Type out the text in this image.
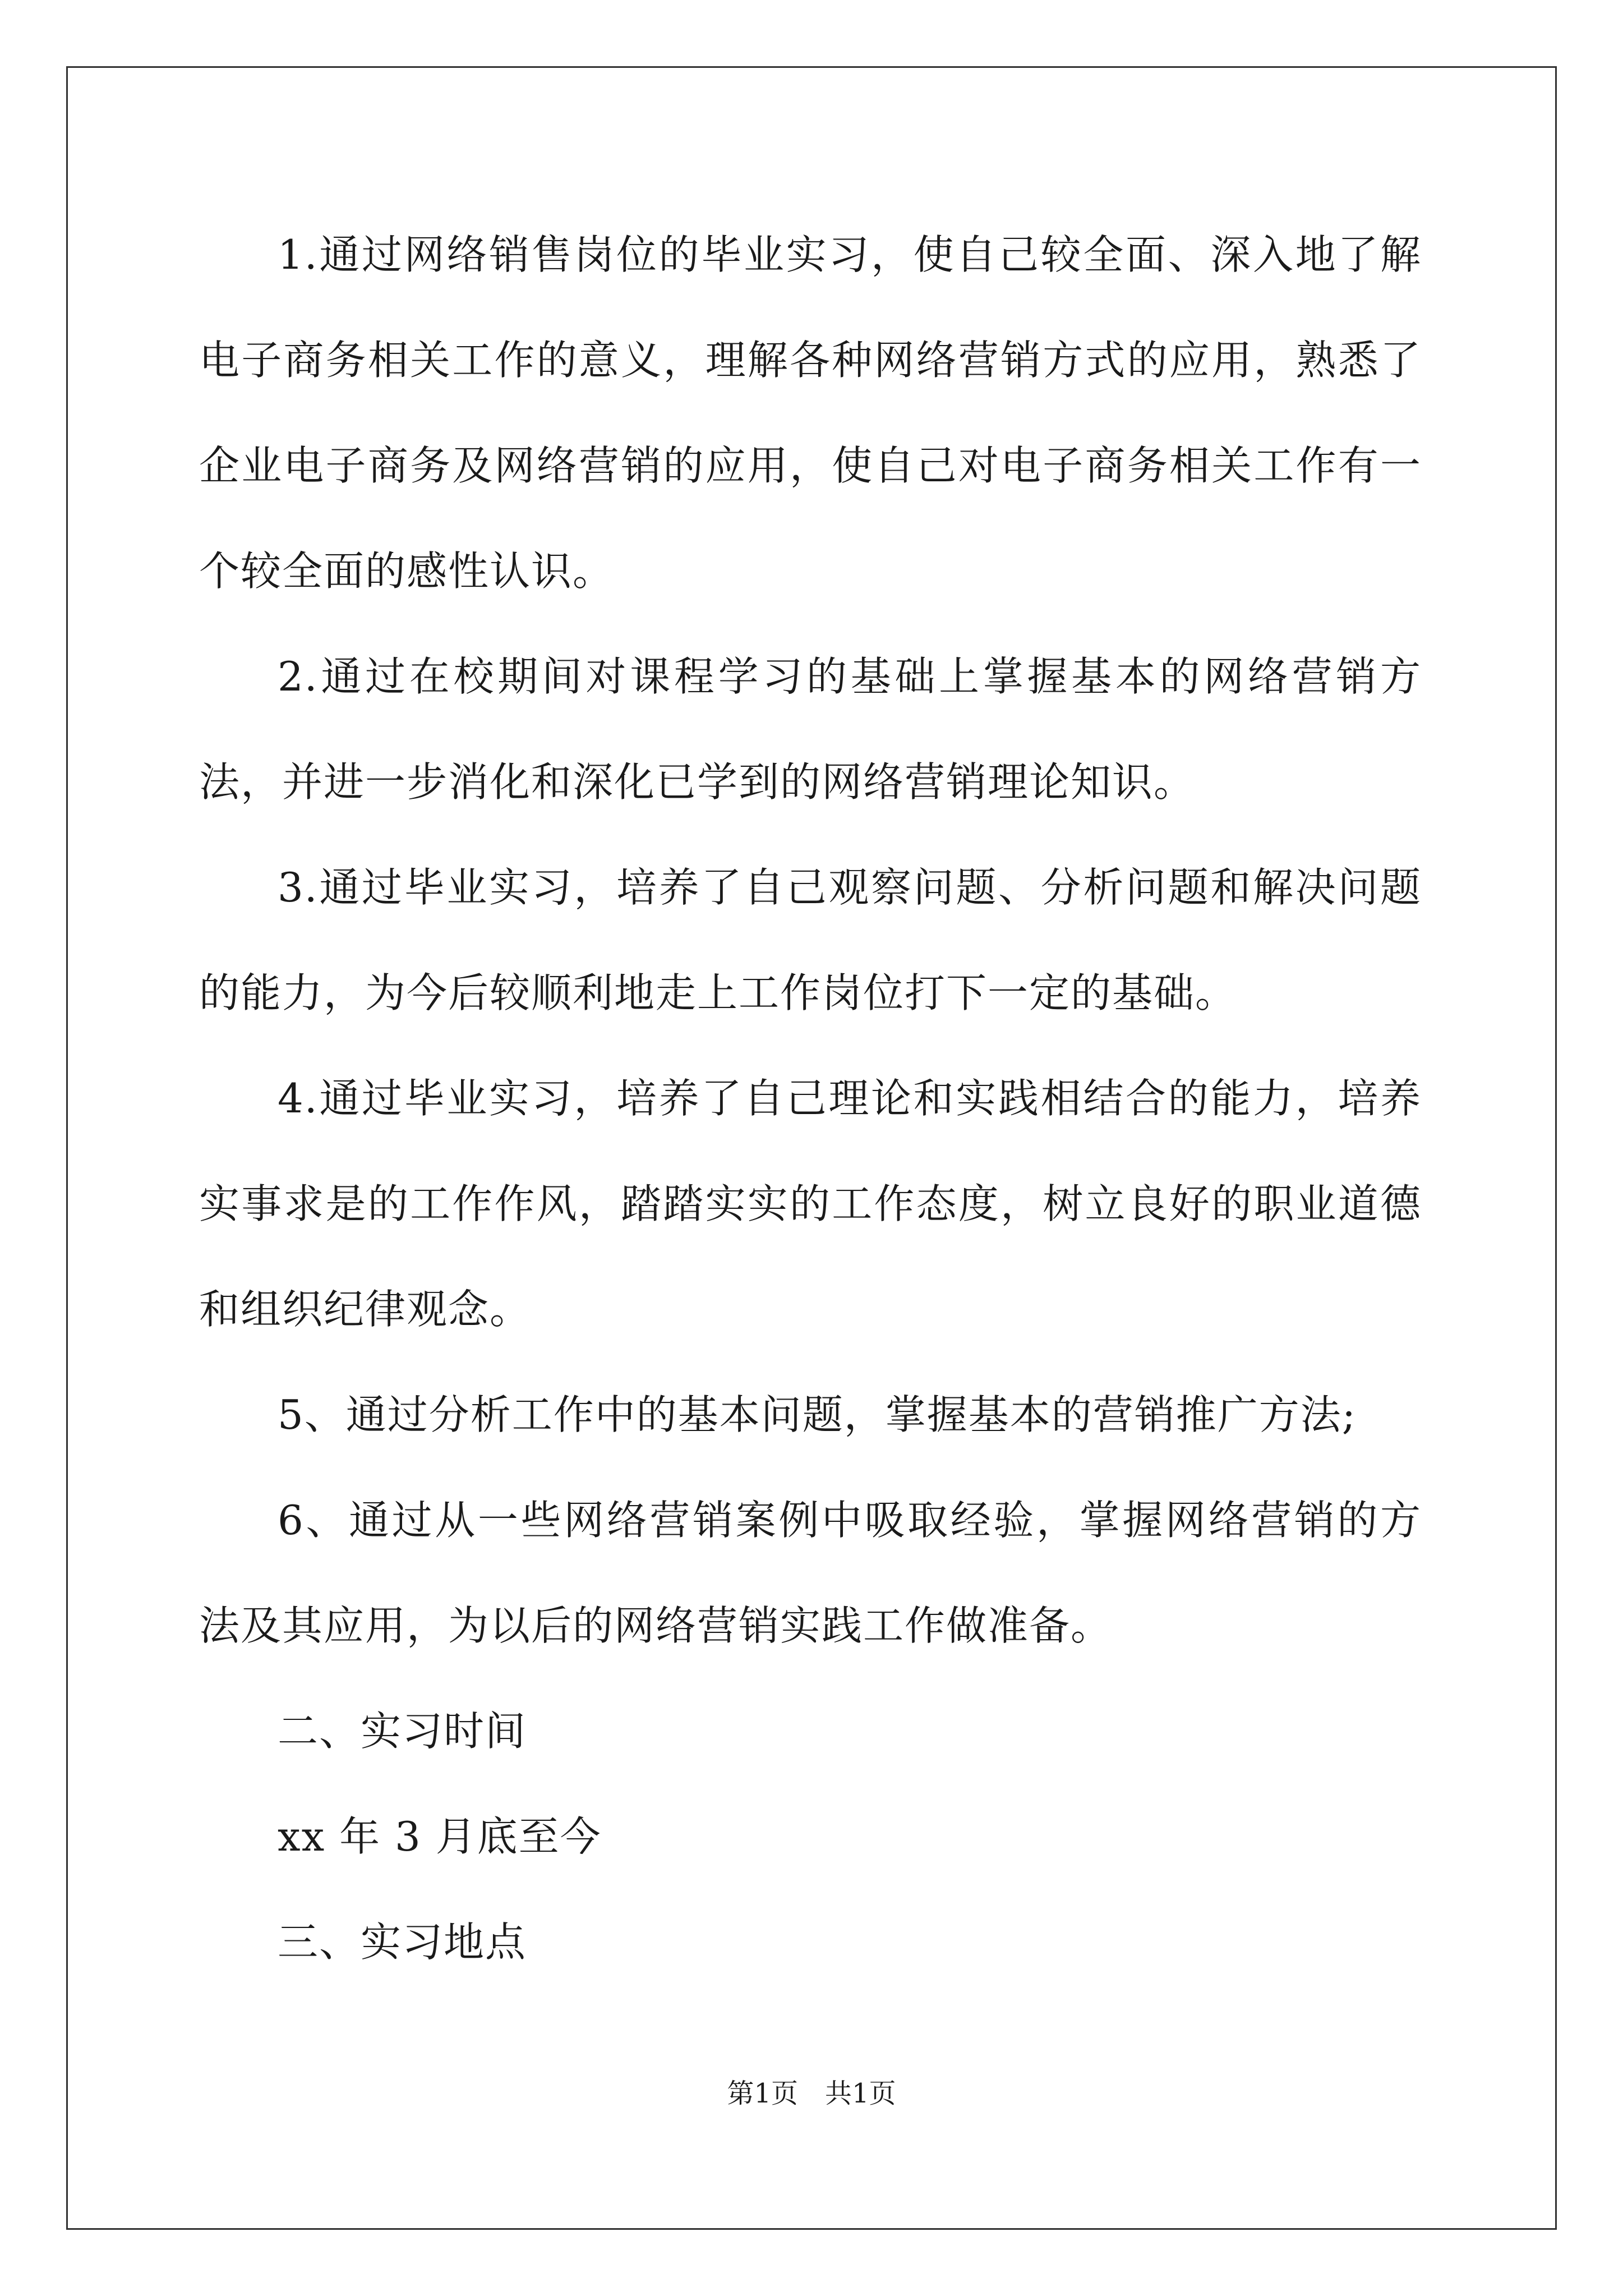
1.通过网络销售岗位的毕业实习，使自己较全面、深入地了解电子商务相关工作的意义，理解各种网络营销方式的应用，熟悉了企业电子商务及网络营销的应用，使自己对电子商务相关工作有一个较全面的感性认识。

2.通过在校期间对课程学习的基础上掌握基本的网络营销方法，并进一步消化和深化已学到的网络营销理论知识。

3.通过毕业实习，培养了自己观察问题、分析问题和解决问题的能力，为今后较顺利地走上工作岗位打下一定的基础。

4.通过毕业实习，培养了自己理论和实践相结合的能力，培养实事求是的工作作风，踏踏实实的工作态度，树立良好的职业道德和组织纪律观念。

5、通过分析工作中的基本问题，掌握基本的营销推广方法;

6、通过从一些网络营销案例中吸取经验，掌握网络营销的方法及其应用，为以后的网络营销实践工作做准备。

二、实习时间

xx 年 3 月底至今

三、实习地点

第1页 共1页
